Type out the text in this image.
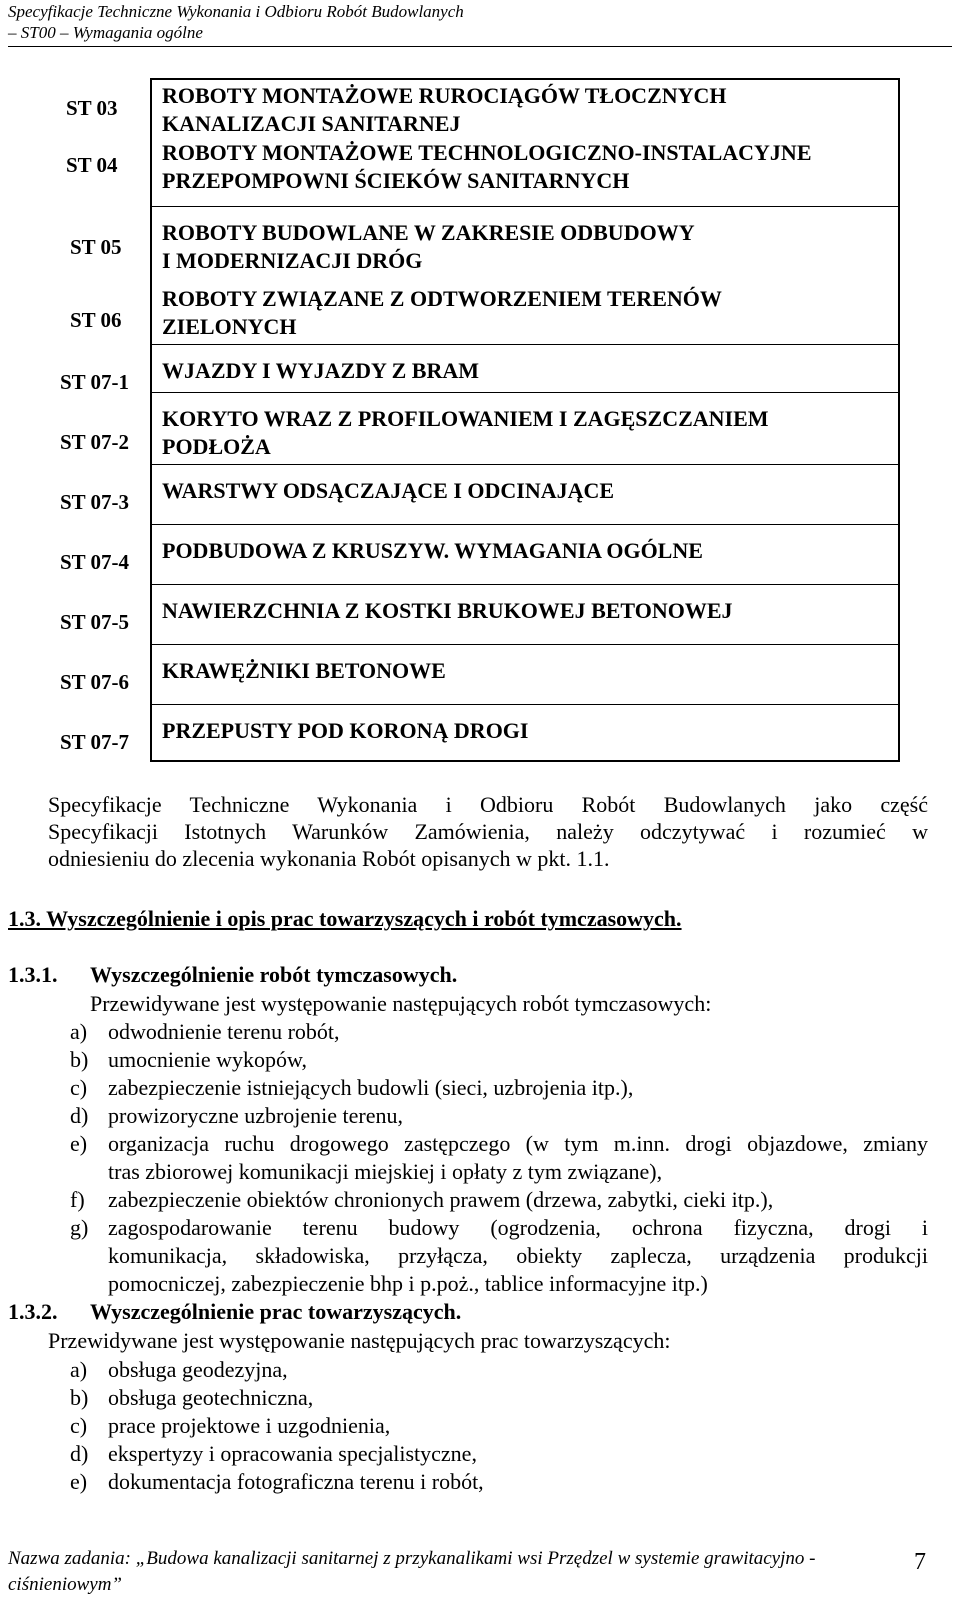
Specyfikacje Techniczne Wykonania i Odbioru Robót Budowlanych
– ST00 – Wymagania ogólne
ST 03
ST 04
ST 05
ST 06
ST 07-1
ST 07-2
ST 07-3
ST 07-4
ST 07-5
ST 07-6
ST 07-7
ROBOTY MONTAŻOWE RUROCIĄGÓW TŁOCZNYCH
KANALIZACJI SANITARNEJ
ROBOTY MONTAŻOWE TECHNOLOGICZNO-INSTALACYJNE
PRZEPOMPOWNI ŚCIEKÓW SANITARNYCH
ROBOTY BUDOWLANE W ZAKRESIE ODBUDOWY
I MODERNIZACJI DRÓG
ROBOTY ZWIĄZANE Z ODTWORZENIEM TERENÓW
ZIELONYCH
WJAZDY I WYJAZDY Z BRAM
KORYTO WRAZ Z PROFILOWANIEM I ZAGĘSZCZANIEM
PODŁOŻA
WARSTWY ODSĄCZAJĄCE I ODCINAJĄCE
PODBUDOWA Z KRUSZYW. WYMAGANIA OGÓLNE
NAWIERZCHNIA Z KOSTKI BRUKOWEJ BETONOWEJ
KRAWĘŻNIKI BETONOWE
PRZEPUSTY POD KORONĄ DROGI
Specyfikacje Techniczne Wykonania i Odbioru Robót Budowlanych jako część
Specyfikacji Istotnych Warunków Zamówienia, należy odczytywać i rozumieć w
odniesieniu do zlecenia wykonania Robót opisanych w pkt. 1.1.
1.3. Wyszczególnienie i opis prac towarzyszących i robót tymczasowych.
1.3.1. Wyszczególnienie robót tymczasowych.
Przewidywane jest występowanie następujących robót tymczasowych:
a) odwodnienie terenu robót,
b) umocnienie wykopów,
c) zabezpieczenie istniejących budowli (sieci, uzbrojenia itp.),
d) prowizoryczne uzbrojenie terenu,
e) organizacja ruchu drogowego zastępczego (w tym m.inn. drogi objazdowe, zmiany
tras zbiorowej komunikacji miejskiej i opłaty z tym związane),
f) zabezpieczenie obiektów chronionych prawem (drzewa, zabytki, cieki itp.),
g) zagospodarowanie terenu budowy (ogrodzenia, ochrona fizyczna, drogi i
komunikacja, składowiska, przyłącza, obiekty zaplecza, urządzenia produkcji
pomocniczej, zabezpieczenie bhp i p.poż., tablice informacyjne itp.)
1.3.2. Wyszczególnienie prac towarzyszących.
Przewidywane jest występowanie następujących prac towarzyszących:
a) obsługa geodezyjna,
b) obsługa geotechniczna,
c) prace projektowe i uzgodnienia,
d) ekspertyzy i opracowania specjalistyczne,
e) dokumentacja fotograficzna terenu i robót,
Nazwa zadania: „Budowa kanalizacji sanitarnej z przykanalikami wsi Przędzel w systemie grawitacyjno - ciśnieniowym”
7
